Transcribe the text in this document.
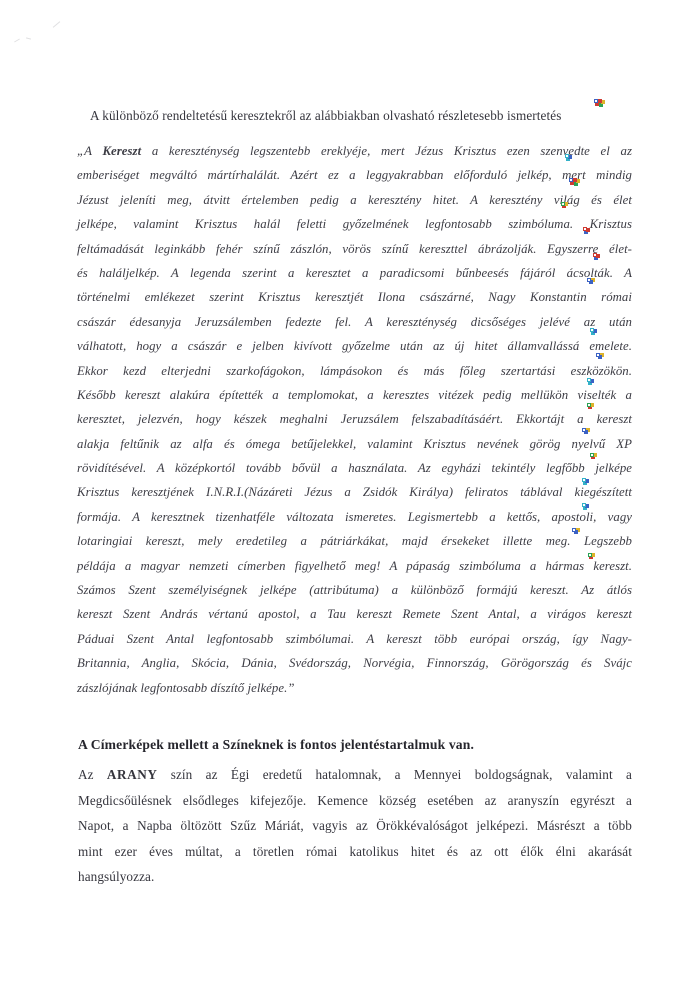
A különböző rendeltetésű keresztekről az alábbiakban olvasható részletesebb ismertetés

„A Kereszt a kereszténység legszentebb ereklyéje, mert Jézus Krisztus ezen szenvedte el az
emberiséget megváltó mártírhalálát. Azért ez a leggyakrabban előforduló jelkép, mert mindig
Jézust jeleníti meg, átvitt értelemben pedig a keresztény hitet. A keresztény világ és élet
jelképe, valamint Krisztus halál feletti győzelmének legfontosabb szimbóluma. Krisztus
feltámadását leginkább fehér színű zászlón, vörös színű kereszttel ábrázolják. Egyszerre élet-
és haláljelkép. A legenda szerint a keresztet a paradicsomi bűnbeesés fájáról ácsolták. A
történelmi emlékezet szerint Krisztus keresztjét Ilona császárné, Nagy Konstantin római
császár édesanyja Jeruzsálemben fedezte fel. A kereszténység dicsőséges jelévé az után
válhatott, hogy a császár e jelben kivívott győzelme után az új hitet államvallássá emelete.
Ekkor kezd elterjedni szarkofágokon, lámpásokon és más főleg szertartási eszközökön.
Később kereszt alakúra építették a templomokat, a keresztes vitézek pedig mellükön viselték a
keresztet, jelezvén, hogy készek meghalni Jeruzsálem felszabadításáért. Ekkortájt a kereszt
alakja feltűnik az alfa és ómega betűjelekkel, valamint Krisztus nevének görög nyelvű XP
rövidítésével. A középkortól tovább bővül a használata. Az egyházi tekintély legfőbb jelképe
Krisztus keresztjének I.N.R.I.(Názáreti Jézus a Zsidók Királya) feliratos táblával kiegészített
formája. A keresztnek tizenhatféle változata ismeretes. Legismertebb a kettős, apostoli, vagy
lotaringiai kereszt, mely eredetileg a pátriárkákat, majd érsekeket illette meg. Legszebb
példája a magyar nemzeti címerben figyelhető meg! A pápaság szimbóluma a hármas kereszt.
Számos Szent személyiségnek jelképe (attribútuma) a különböző formájú kereszt. Az átlós
kereszt Szent András vértanú apostol, a Tau kereszt Remete Szent Antal, a virágos kereszt
Páduai Szent Antal legfontosabb szimbólumai. A kereszt több európai ország, így Nagy-
Britannia, Anglia, Skócia, Dánia, Svédország, Norvégia, Finnország, Görögország és Svájc
zászlójának legfontosabb díszítő jelképe.”

A Címerképek mellett a Színeknek is fontos jelentéstartalmuk van.

Az ARANY szín az Égi eredetű hatalomnak, a Mennyei boldogságnak, valamint a
Megdicsőülésnek elsődleges kifejezője. Kemence község esetében az aranyszín egyrészt a
Napot, a Napba öltözött Szűz Máriát, vagyis az Örökkévalóságot jelképezi. Másrészt a több
mint ezer éves múltat, a töretlen római katolikus hitet és az ott élők élni akarását
hangsúlyozza.
